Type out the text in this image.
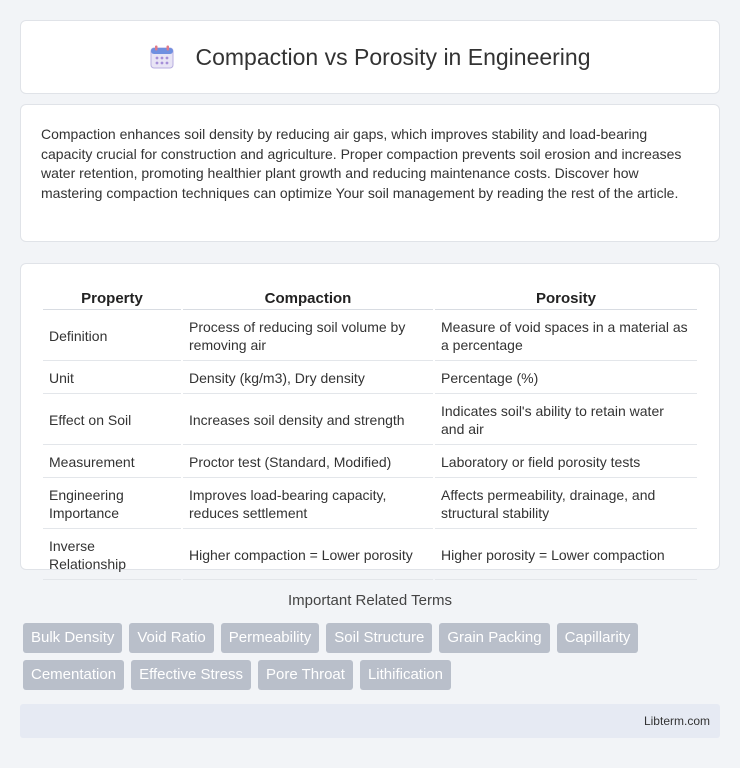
Compaction vs Porosity in Engineering

Compaction enhances soil density by reducing air gaps, which improves stability and load-bearing capacity crucial for construction and agriculture. Proper compaction prevents soil erosion and increases water retention, promoting healthier plant growth and reducing maintenance costs. Discover how mastering compaction techniques can optimize Your soil management by reading the rest of the article.

Property	Compaction	Porosity
Definition	Process of reducing soil volume by removing air	Measure of void spaces in a material as a percentage
Unit	Density (kg/m3), Dry density	Percentage (%)
Effect on Soil	Increases soil density and strength	Indicates soil's ability to retain water and air
Measurement	Proctor test (Standard, Modified)	Laboratory or field porosity tests
Engineering Importance	Improves load-bearing capacity, reduces settlement	Affects permeability, drainage, and structural stability
Inverse Relationship	Higher compaction = Lower porosity	Higher porosity = Lower compaction
Important Related Terms
Bulk Density	Void Ratio	Permeability	Soil Structure	Grain Packing	Capillarity
Cementation	Effective Stress	Pore Throat	Lithification
Libterm.com
